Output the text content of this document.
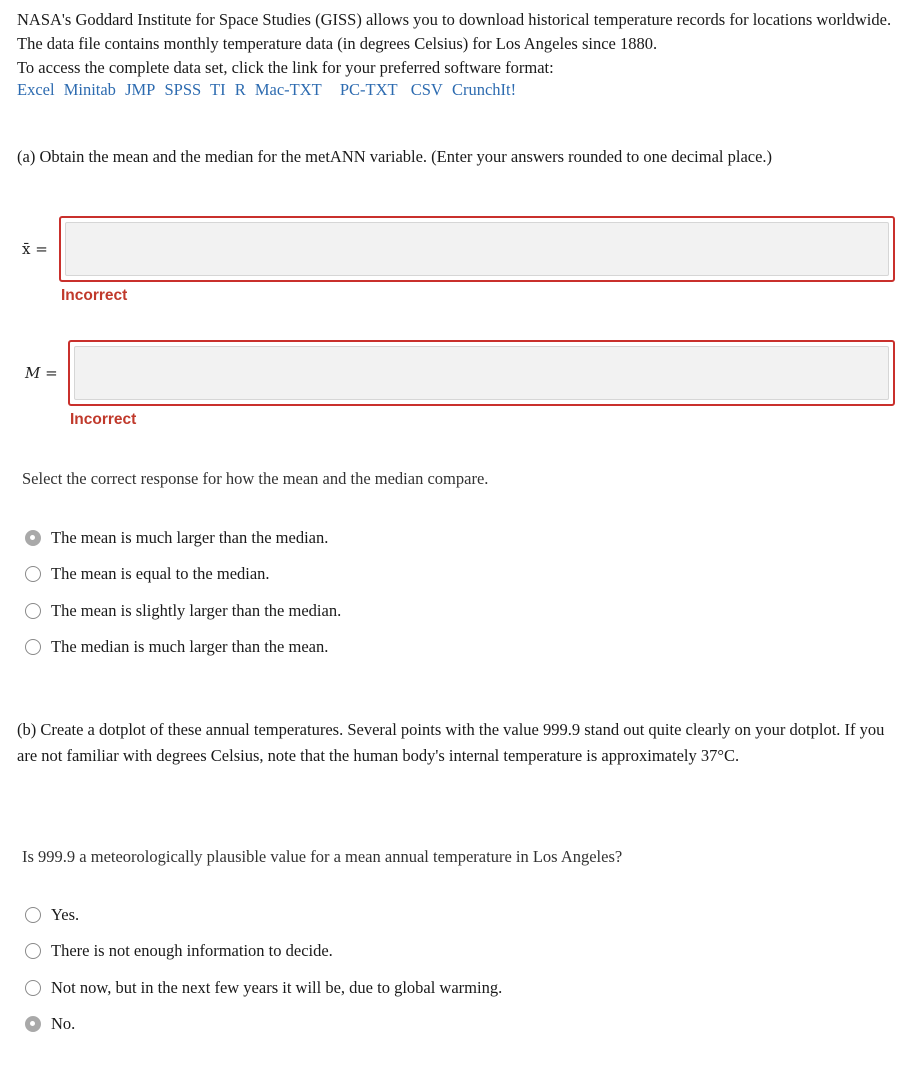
NASA's Goddard Institute for Space Studies (GISS) allows you to download historical temperature records for locations worldwide. The data file contains monthly temperature data (in degrees Celsius) for Los Angeles since 1880.

To access the complete data set, click the link for your preferred software format:

Excel Minitab JMP SPSS TI R Mac-TXT PC-TXT CSV CrunchIt!
(a) Obtain the mean and the median for the metANN variable. (Enter your answers rounded to one decimal place.)
x̄ =
Incorrect
M =
Incorrect
Select the correct response for how the mean and the median compare.
The mean is much larger than the median.
The mean is equal to the median.
The mean is slightly larger than the median.
The median is much larger than the mean.

(b) Create a dotplot of these annual temperatures. Several points with the value 999.9 stand out quite clearly on your dotplot. If you are not familiar with degrees Celsius, note that the human body's internal temperature is approximately 37°C.

Is 999.9 a meteorologically plausible value for a mean annual temperature in Los Angeles?
Yes.
There is not enough information to decide.
Not now, but in the next few years it will be, due to global warming.
No.
